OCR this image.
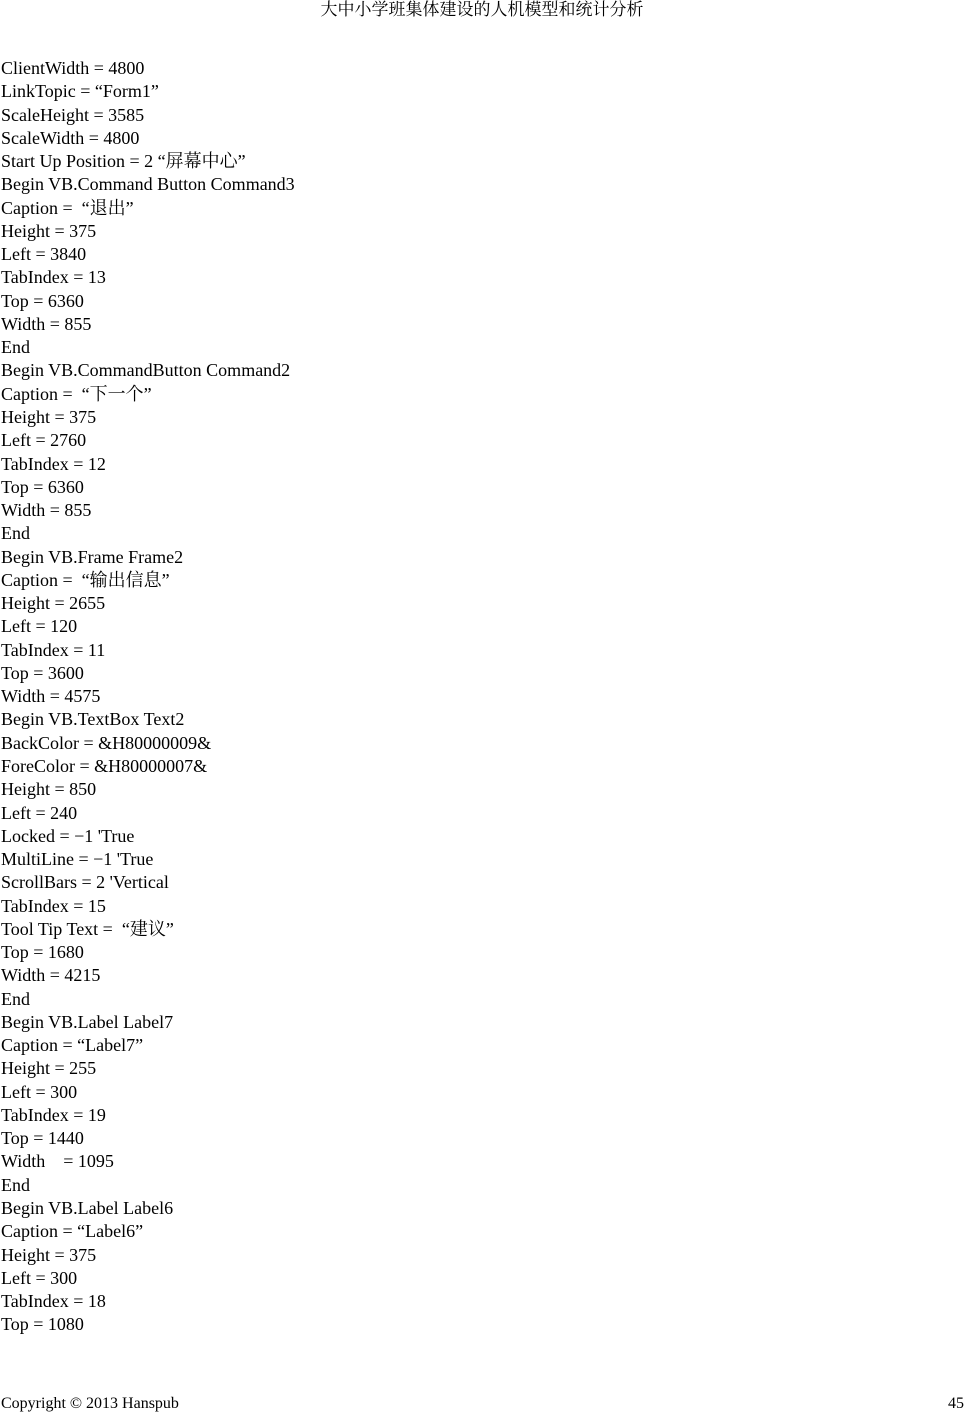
大中小学班集体建设的人机模型和统计分析
ClientWidth = 4800
LinkTopic = “Form1”
ScaleHeight = 3585
ScaleWidth = 4800
Start Up Position = 2 “屏幕中心”
Begin VB.Command Button Command3
Caption =  “退出”
Height = 375
Left = 3840
TabIndex = 13
Top = 6360
Width = 855
End
Begin VB.CommandButton Command2
Caption =  “下一个”
Height = 375
Left = 2760
TabIndex = 12
Top = 6360
Width = 855
End
Begin VB.Frame Frame2
Caption =  “输出信息”
Height = 2655
Left = 120
TabIndex = 11
Top = 3600
Width = 4575
Begin VB.TextBox Text2
BackColor = &H80000009&
ForeColor = &H80000007&
Height = 850
Left = 240
Locked = −1 'True
MultiLine = −1 'True
ScrollBars = 2 'Vertical
TabIndex = 15
Tool Tip Text =  “建议”
Top = 1680
Width = 4215
End
Begin VB.Label Label7
Caption = “Label7”
Height = 255
Left = 300
TabIndex = 19
Top = 1440
Width    = 1095
End
Begin VB.Label Label6
Caption = “Label6”
Height = 375
Left = 300
TabIndex = 18
Top = 1080
Copyright © 2013 Hanspub	45
